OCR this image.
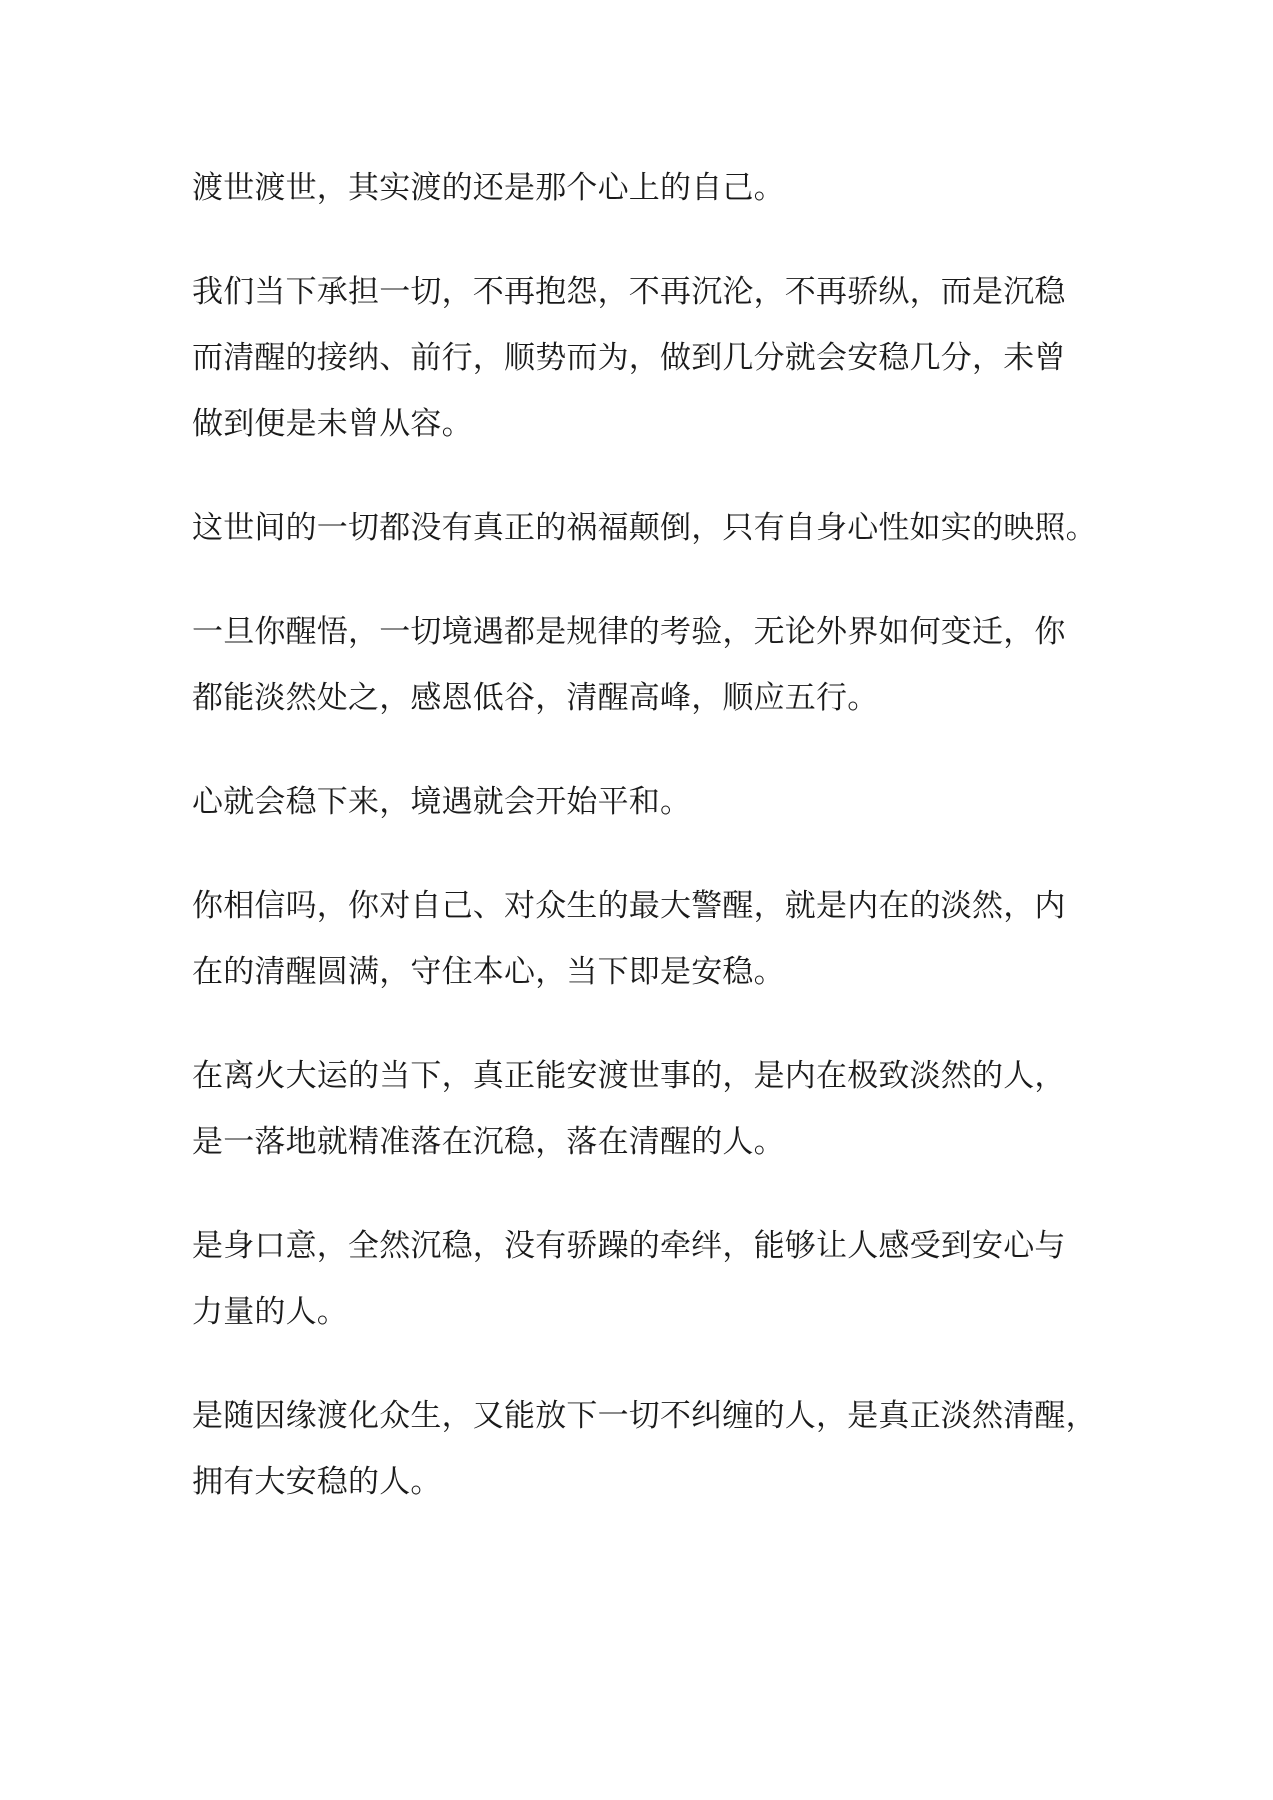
渡世渡世，其实渡的还是那个心上的自己。

我们当下承担一切，不再抱怨，不再沉沦，不再骄纵，而是沉稳
而清醒的接纳、前行，顺势而为，做到几分就会安稳几分，未曾
做到便是未曾从容。

这世间的一切都没有真正的祸福颠倒，只有自身心性如实的映照。

一旦你醒悟，一切境遇都是规律的考验，无论外界如何变迁，你
都能淡然处之，感恩低谷，清醒高峰，顺应五行。

心就会稳下来，境遇就会开始平和。

你相信吗，你对自己、对众生的最大警醒，就是内在的淡然，内
在的清醒圆满，守住本心，当下即是安稳。

在离火大运的当下，真正能安渡世事的，是内在极致淡然的人，
是一落地就精准落在沉稳，落在清醒的人。

是身口意，全然沉稳，没有骄躁的牵绊，能够让人感受到安心与
力量的人。

是随因缘渡化众生，又能放下一切不纠缠的人，是真正淡然清醒，
拥有大安稳的人。
